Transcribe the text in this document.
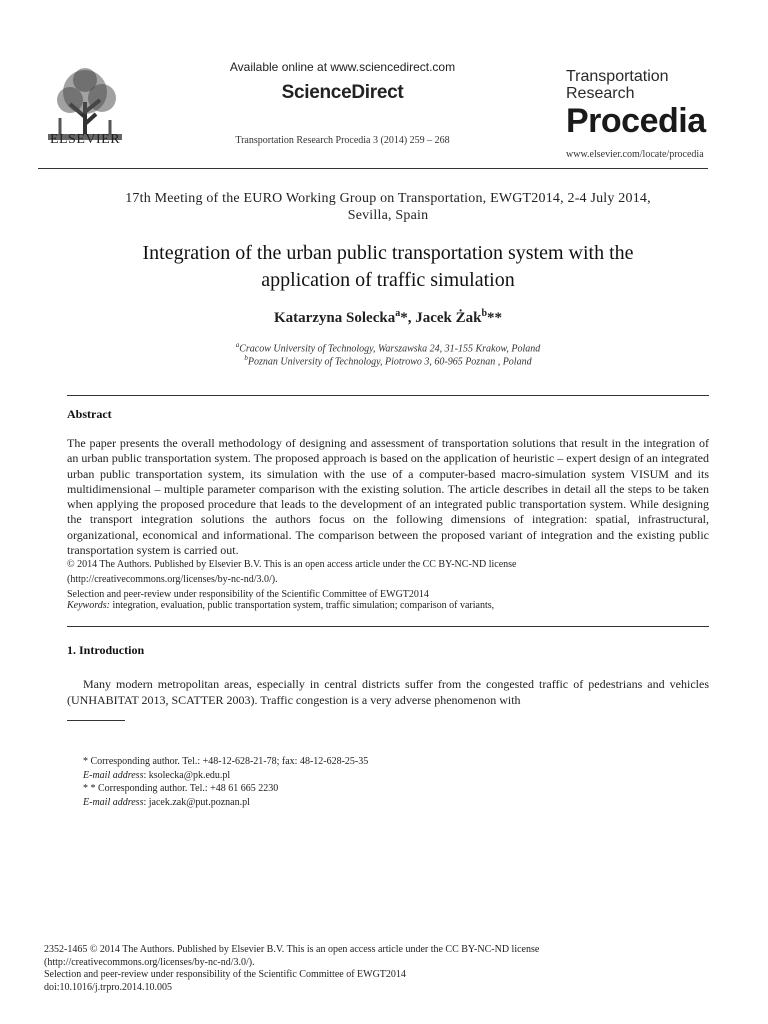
ELSEVIER
Available online at www.sciencedirect.com
ScienceDirect
Transportation Research Procedia 3 (2014) 259 – 268
Transportation
Research
Procedia
www.elsevier.com/locate/procedia
17th Meeting of the EURO Working Group on Transportation, EWGT2014, 2-4 July 2014,
Sevilla, Spain
Integration of the urban public transportation system with the
application of traffic simulation
Katarzyna Solecka$^a$*, Jacek Żak$^b$**
$^a$Cracow University of Technology, Warszawska 24, 31-155 Krakow, Poland
$^b$Poznan University of Technology, Piotrowo 3, 60-965 Poznan , Poland
Abstract
The paper presents the overall methodology of designing and assessment of transportation solutions that result in the integration of an urban public transportation system. The proposed approach is based on the application of heuristic – expert design of an integrated urban public transportation system, its simulation with the use of a computer-based macro-simulation system VISUM and its multidimensional – multiple parameter comparison with the existing solution. The article describes in detail all the steps to be taken when applying the proposed procedure that leads to the development of an integrated public transportation system. While designing the transport integration solutions the authors focus on the following dimensions of integration: spatial, infrastructural, organizational, economical and informational. The comparison between the proposed variant of integration and the existing public transportation system is carried out.
© 2014 The Authors. Published by Elsevier B.V. This is an open access article under the CC BY-NC-ND license
(http://creativecommons.org/licenses/by-nc-nd/3.0/).
Selection and peer-review under responsibility of the Scientific Committee of EWGT2014
Keywords: integration, evaluation, public transportation system, traffic simulation; comparison of variants,
1. Introduction
Many modern metropolitan areas, especially in central districts suffer from the congested traffic of pedestrians and vehicles (UNHABITAT 2013, SCATTER 2003). Traffic congestion is a very adverse phenomenon with
* Corresponding author. Tel.: +48-12-628-21-78; fax: 48-12-628-25-35
E-mail address: ksolecka@pk.edu.pl
* * Corresponding author. Tel.: +48 61 665 2230
E-mail address: jacek.zak@put.poznan.pl
2352-1465 © 2014 The Authors. Published by Elsevier B.V. This is an open access article under the CC BY-NC-ND license
(http://creativecommons.org/licenses/by-nc-nd/3.0/).
Selection and peer-review under responsibility of the Scientific Committee of EWGT2014
doi:10.1016/j.trpro.2014.10.005
